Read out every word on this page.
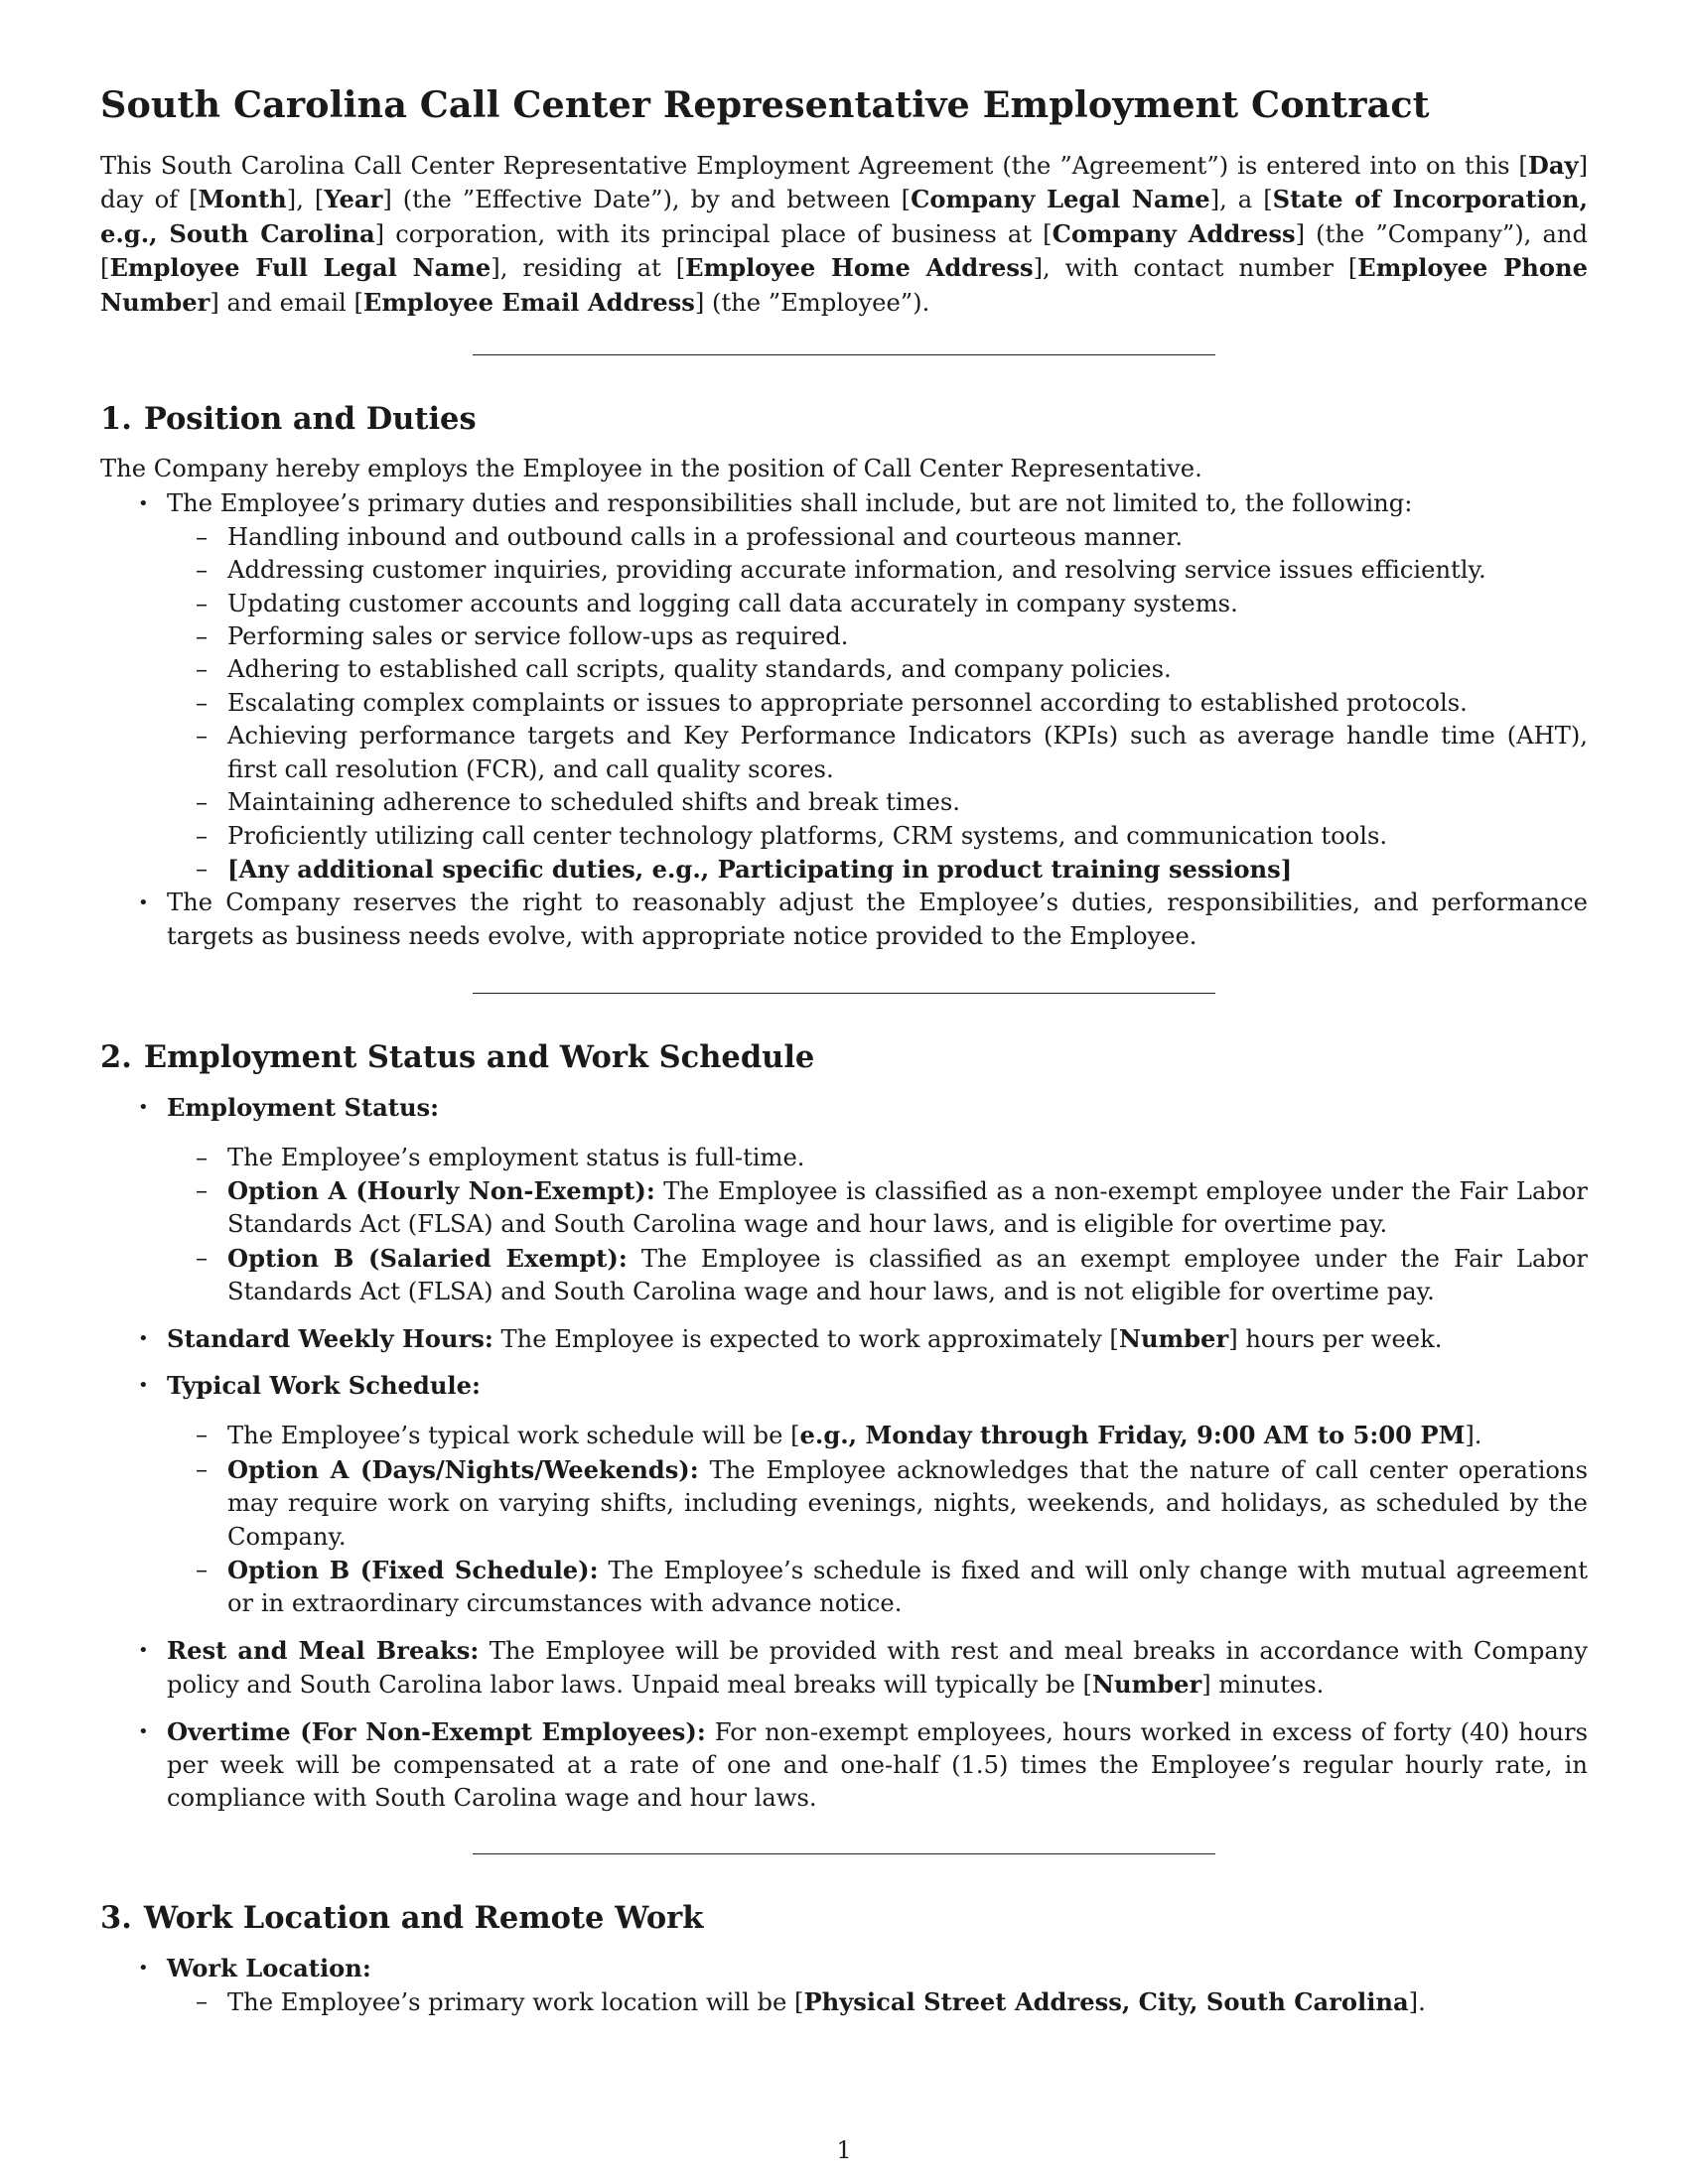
South Carolina Call Center Representative Employment Contract

This South Carolina Call Center Representative Employment Agreement (the ”Agreement”) is entered into on this [Day] day of [Month], [Year] (the ”Effective Date”), by and between [Company Legal Name], a [State of Incorporation, e.g., South Carolina] corporation, with its principal place of business at [Company Address] (the ”Company”), and [Employee Full Legal Name], residing at [Employee Home Address], with contact number [Employee Phone Number] and email [Employee Email Address] (the ”Employee”).

1. Position and Duties

The Company hereby employs the Employee in the position of Call Center Representative.

• The Employee’s primary duties and responsibilities shall include, but are not limited to, the following:
– Handling inbound and outbound calls in a professional and courteous manner.
– Addressing customer inquiries, providing accurate information, and resolving service issues efficiently.
– Updating customer accounts and logging call data accurately in company systems.
– Performing sales or service follow-ups as required.
– Adhering to established call scripts, quality standards, and company policies.
– Escalating complex complaints or issues to appropriate personnel according to established protocols.
– Achieving performance targets and Key Performance Indicators (KPIs) such as average handle time (AHT), first call resolution (FCR), and call quality scores.
– Maintaining adherence to scheduled shifts and break times.
– Proficiently utilizing call center technology platforms, CRM systems, and communication tools.
– [Any additional specific duties, e.g., Participating in product training sessions]
• The Company reserves the right to reasonably adjust the Employee’s duties, responsibilities, and performance targets as business needs evolve, with appropriate notice provided to the Employee.
2. Employment Status and Work Schedule
• Employment Status:
– The Employee’s employment status is full-time.
– Option A (Hourly Non-Exempt): The Employee is classified as a non-exempt employee under the Fair Labor Standards Act (FLSA) and South Carolina wage and hour laws, and is eligible for overtime pay.
– Option B (Salaried Exempt): The Employee is classified as an exempt employee under the Fair Labor Standards Act (FLSA) and South Carolina wage and hour laws, and is not eligible for overtime pay.
• Standard Weekly Hours: The Employee is expected to work approximately [Number] hours per week.
• Typical Work Schedule:
– The Employee’s typical work schedule will be [e.g., Monday through Friday, 9:00 AM to 5:00 PM].
– Option A (Days/Nights/Weekends): The Employee acknowledges that the nature of call center operations may require work on varying shifts, including evenings, nights, weekends, and holidays, as scheduled by the Company.
– Option B (Fixed Schedule): The Employee’s schedule is fixed and will only change with mutual agreement or in extraordinary circumstances with advance notice.
• Rest and Meal Breaks: The Employee will be provided with rest and meal breaks in accordance with Company policy and South Carolina labor laws. Unpaid meal breaks will typically be [Number] minutes.
• Overtime (For Non-Exempt Employees): For non-exempt employees, hours worked in excess of forty (40) hours per week will be compensated at a rate of one and one-half (1.5) times the Employee’s regular hourly rate, in compliance with South Carolina wage and hour laws.
3. Work Location and Remote Work
• Work Location:
– The Employee’s primary work location will be [Physical Street Address, City, South Carolina].
1
